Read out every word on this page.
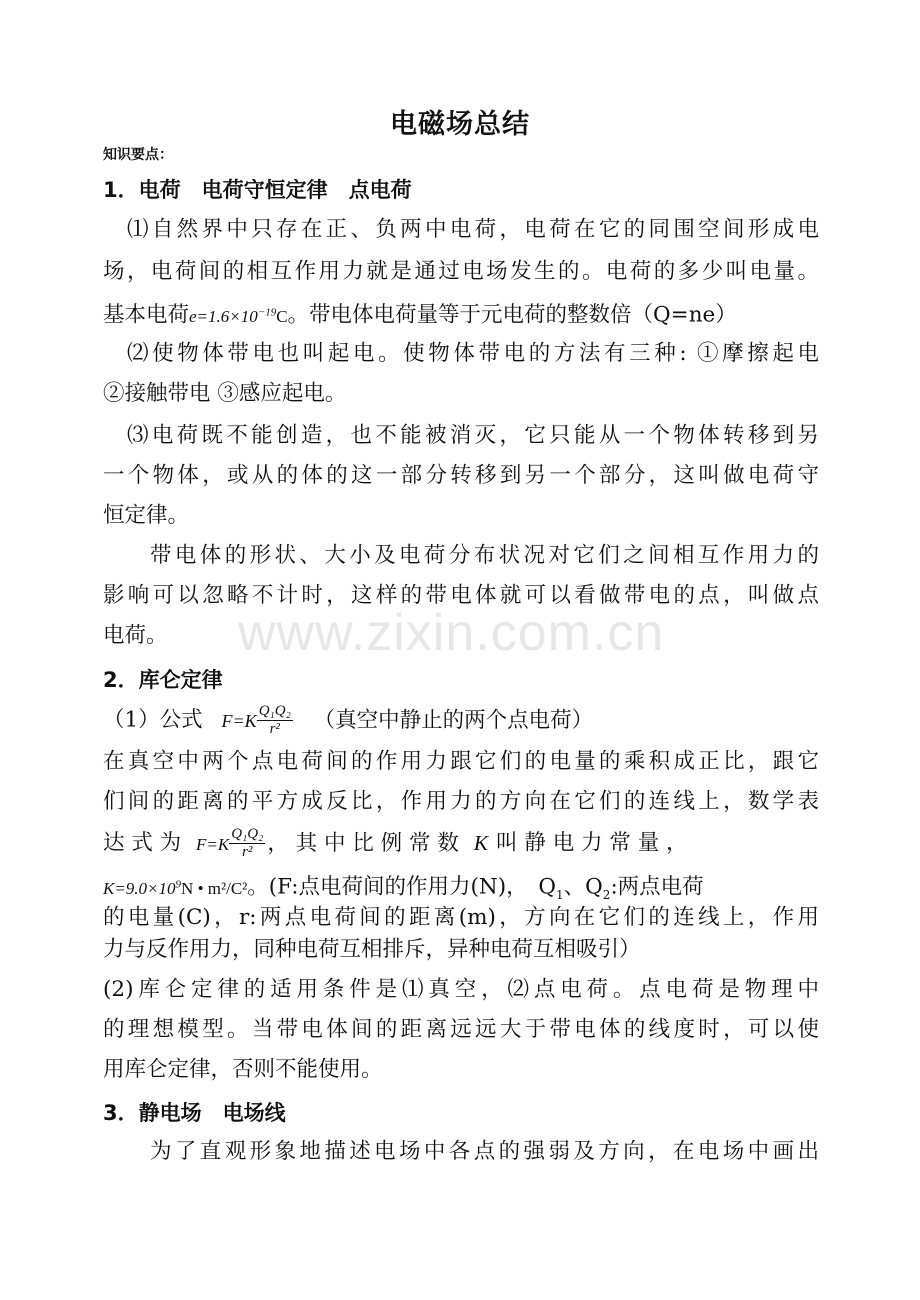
电磁场总结
知识要点：
1．电荷　电荷守恒定律　点电荷
⑴自然界中只存在正、负两中电荷，电荷在它的同围空间形成电
场，电荷间的相互作用力就是通过电场发生的。电荷的多少叫电量。
基本电荷$e=1.6\times 10^{-19}C$。带电体电荷量等于元电荷的整数倍（Q=ne）
⑵使物体带电也叫起电。使物体带电的方法有三种: ①摩擦起电
②接触带电 ③感应起电。
⑶电荷既不能创造，也不能被消灭，它只能从一个物体转移到另
一个物体，或从的体的这一部分转移到另一个部分，这叫做电荷守
恒定律。
带电体的形状、大小及电荷分布状况对它们之间相互作用力的
影响可以忽略不计时，这样的带电体就可以看做带电的点，叫做点
电荷。	www.zixin.com.cn
2．库仑定律
（1）公式 $F=K \frac{\text{Q₁Q₂}}{\text{r²}}$ （真空中静止的两个点电荷）
在真空中两个点电荷间的作用力跟它们的电量的乘积成正比，跟它
们间的距离的平方成反比，作用力的方向在它们的连线上，数学表
达 式 为 $F=K \frac{\text{Q₁Q₂}}{\text{r²}}$ ， 其 中 比 例 常 数 K 叫 静 电 力 常 量 ，
$K=9.0\times 10^9N$ • m²/C²。(F:点电荷间的作用力(N)，　$Q_1$、$Q_2$:两点电荷
的电量(C)，r:两点电荷间的距离(m)，方向在它们的连线上，作用
力与反作用力，同种电荷互相排斥，异种电荷互相吸引）
(2)库仑定律的适用条件是⑴真空，⑵点电荷。点电荷是物理中
的理想模型。当带电体间的距离远远大于带电体的线度时，可以使
用库仑定律，否则不能使用。
3．静电场　电场线
为了直观形象地描述电场中各点的强弱及方向，在电场中画出
